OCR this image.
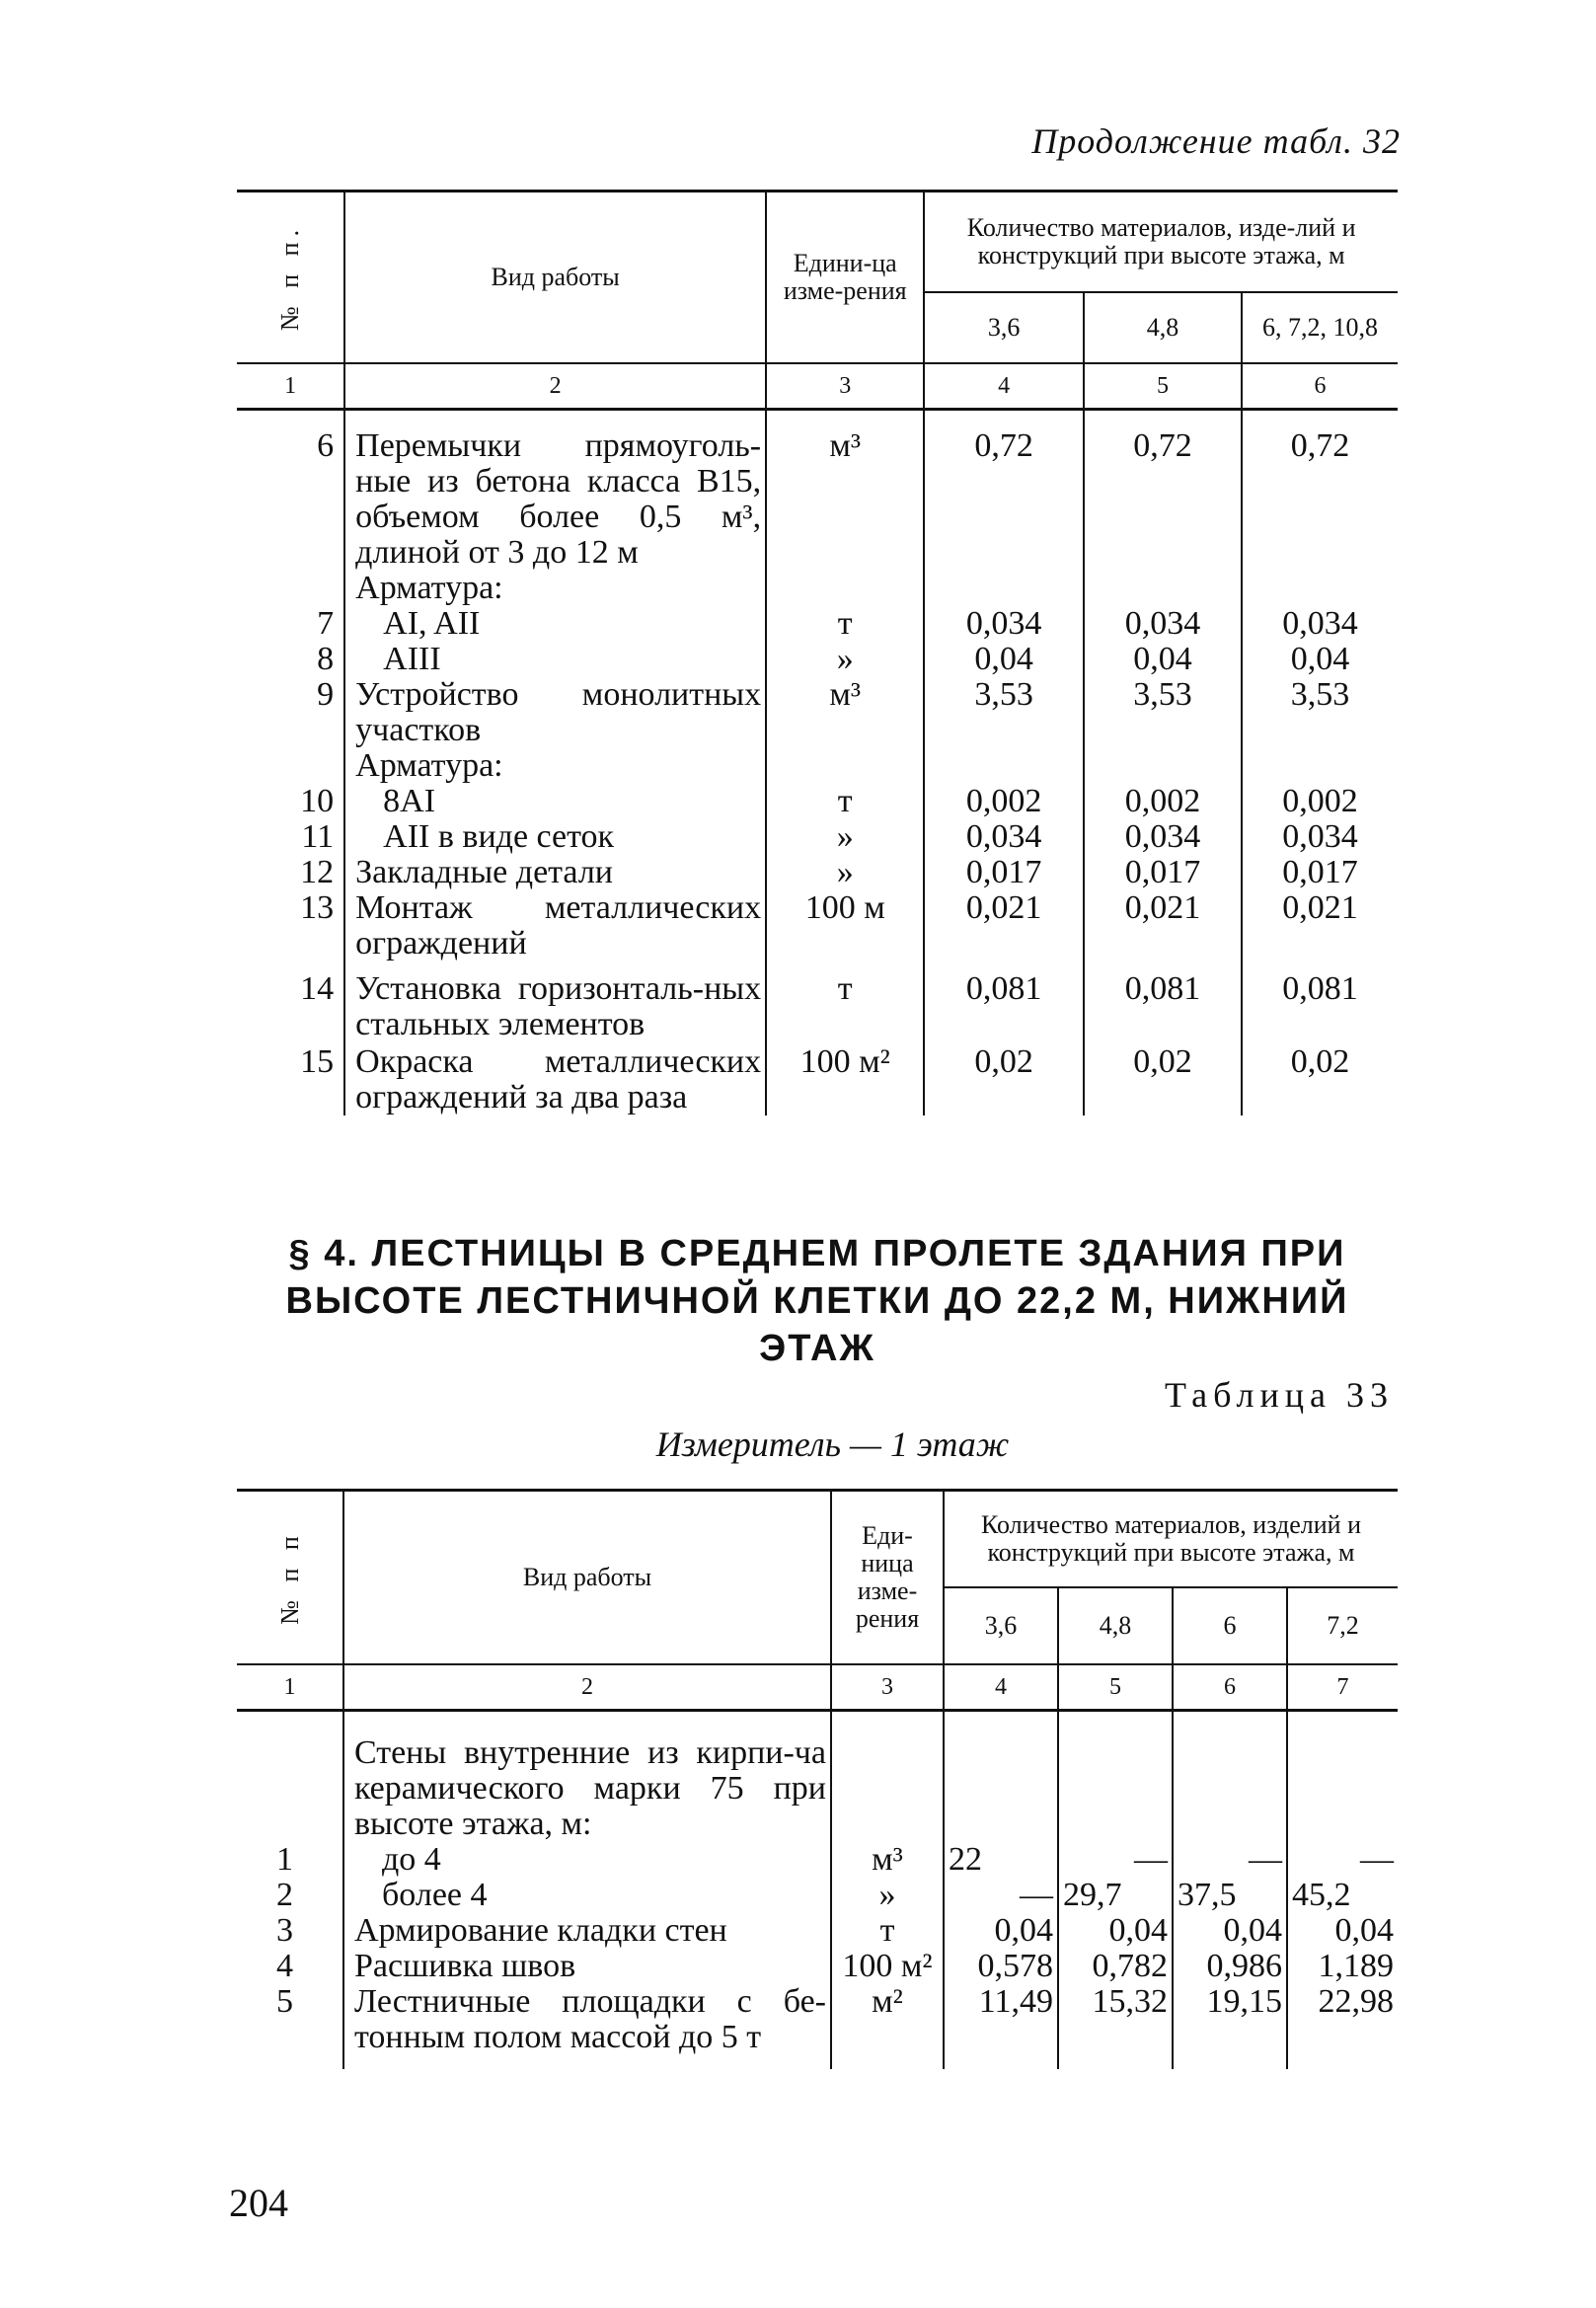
Продолжение табл. 32
№ п п.	Вид работы	Едини-ца изме-рения	Количество материалов, изде-лий и конструкций при высоте этажа, м		
			3,6	4,8	6, 7,2, 10,8
1	2	3	4	5	6
6	Перемычки прямоуголь-ные из бетона класса В15, объемом более 0,5 м³, длиной от 3 до 12 м	м³	0,72	0,72	0,72
	Арматура:				
7	AI, AII	т	0,034	0,034	0,034
8	AIII	»	0,04	0,04	0,04
9	Устройство монолитных участков	м³	3,53	3,53	3,53
	Арматура:				
10	8AI	т	0,002	0,002	0,002
11	AII в виде сеток	»	0,034	0,034	0,034
12	Закладные детали	»	0,017	0,017	0,017
13	Монтаж металлических ограждений	100 м	0,021	0,021	0,021
14	Установка горизонталь-ных стальных элементов	т	0,081	0,081	0,081
15	Окраска металлических ограждений за два раза	100 м²	0,02	0,02	0,02
§ 4. ЛЕСТНИЦЫ В СРЕДНЕМ ПРОЛЕТЕ ЗДАНИЯ ПРИ ВЫСОТЕ ЛЕСТНИЧНОЙ КЛЕТКИ ДО 22,2 М, НИЖНИЙ ЭТАЖ
Таблица 33
Измеритель — 1 этаж
№ п п	Вид работы	Еди-ница изме-рения	Количество материалов, изделий и конструкций при высоте этажа, м			
			3,6	4,8	6	7,2
1	2	3	4	5	6	7
	Стены внутренние из кирпи-ча керамического марки 75 при высоте этажа, м:					
1	до 4	м³	22	—	—	—
2	более 4	»	—	29,7	37,5	45,2
3	Армирование кладки стен	т	0,04	0,04	0,04	0,04
4	Расшивка швов	100 м²	0,578	0,782	0,986	1,189
5	Лестничные площадки с бе-тонным полом массой до 5 т	м²	11,49	15,32	19,15	22,98
204
